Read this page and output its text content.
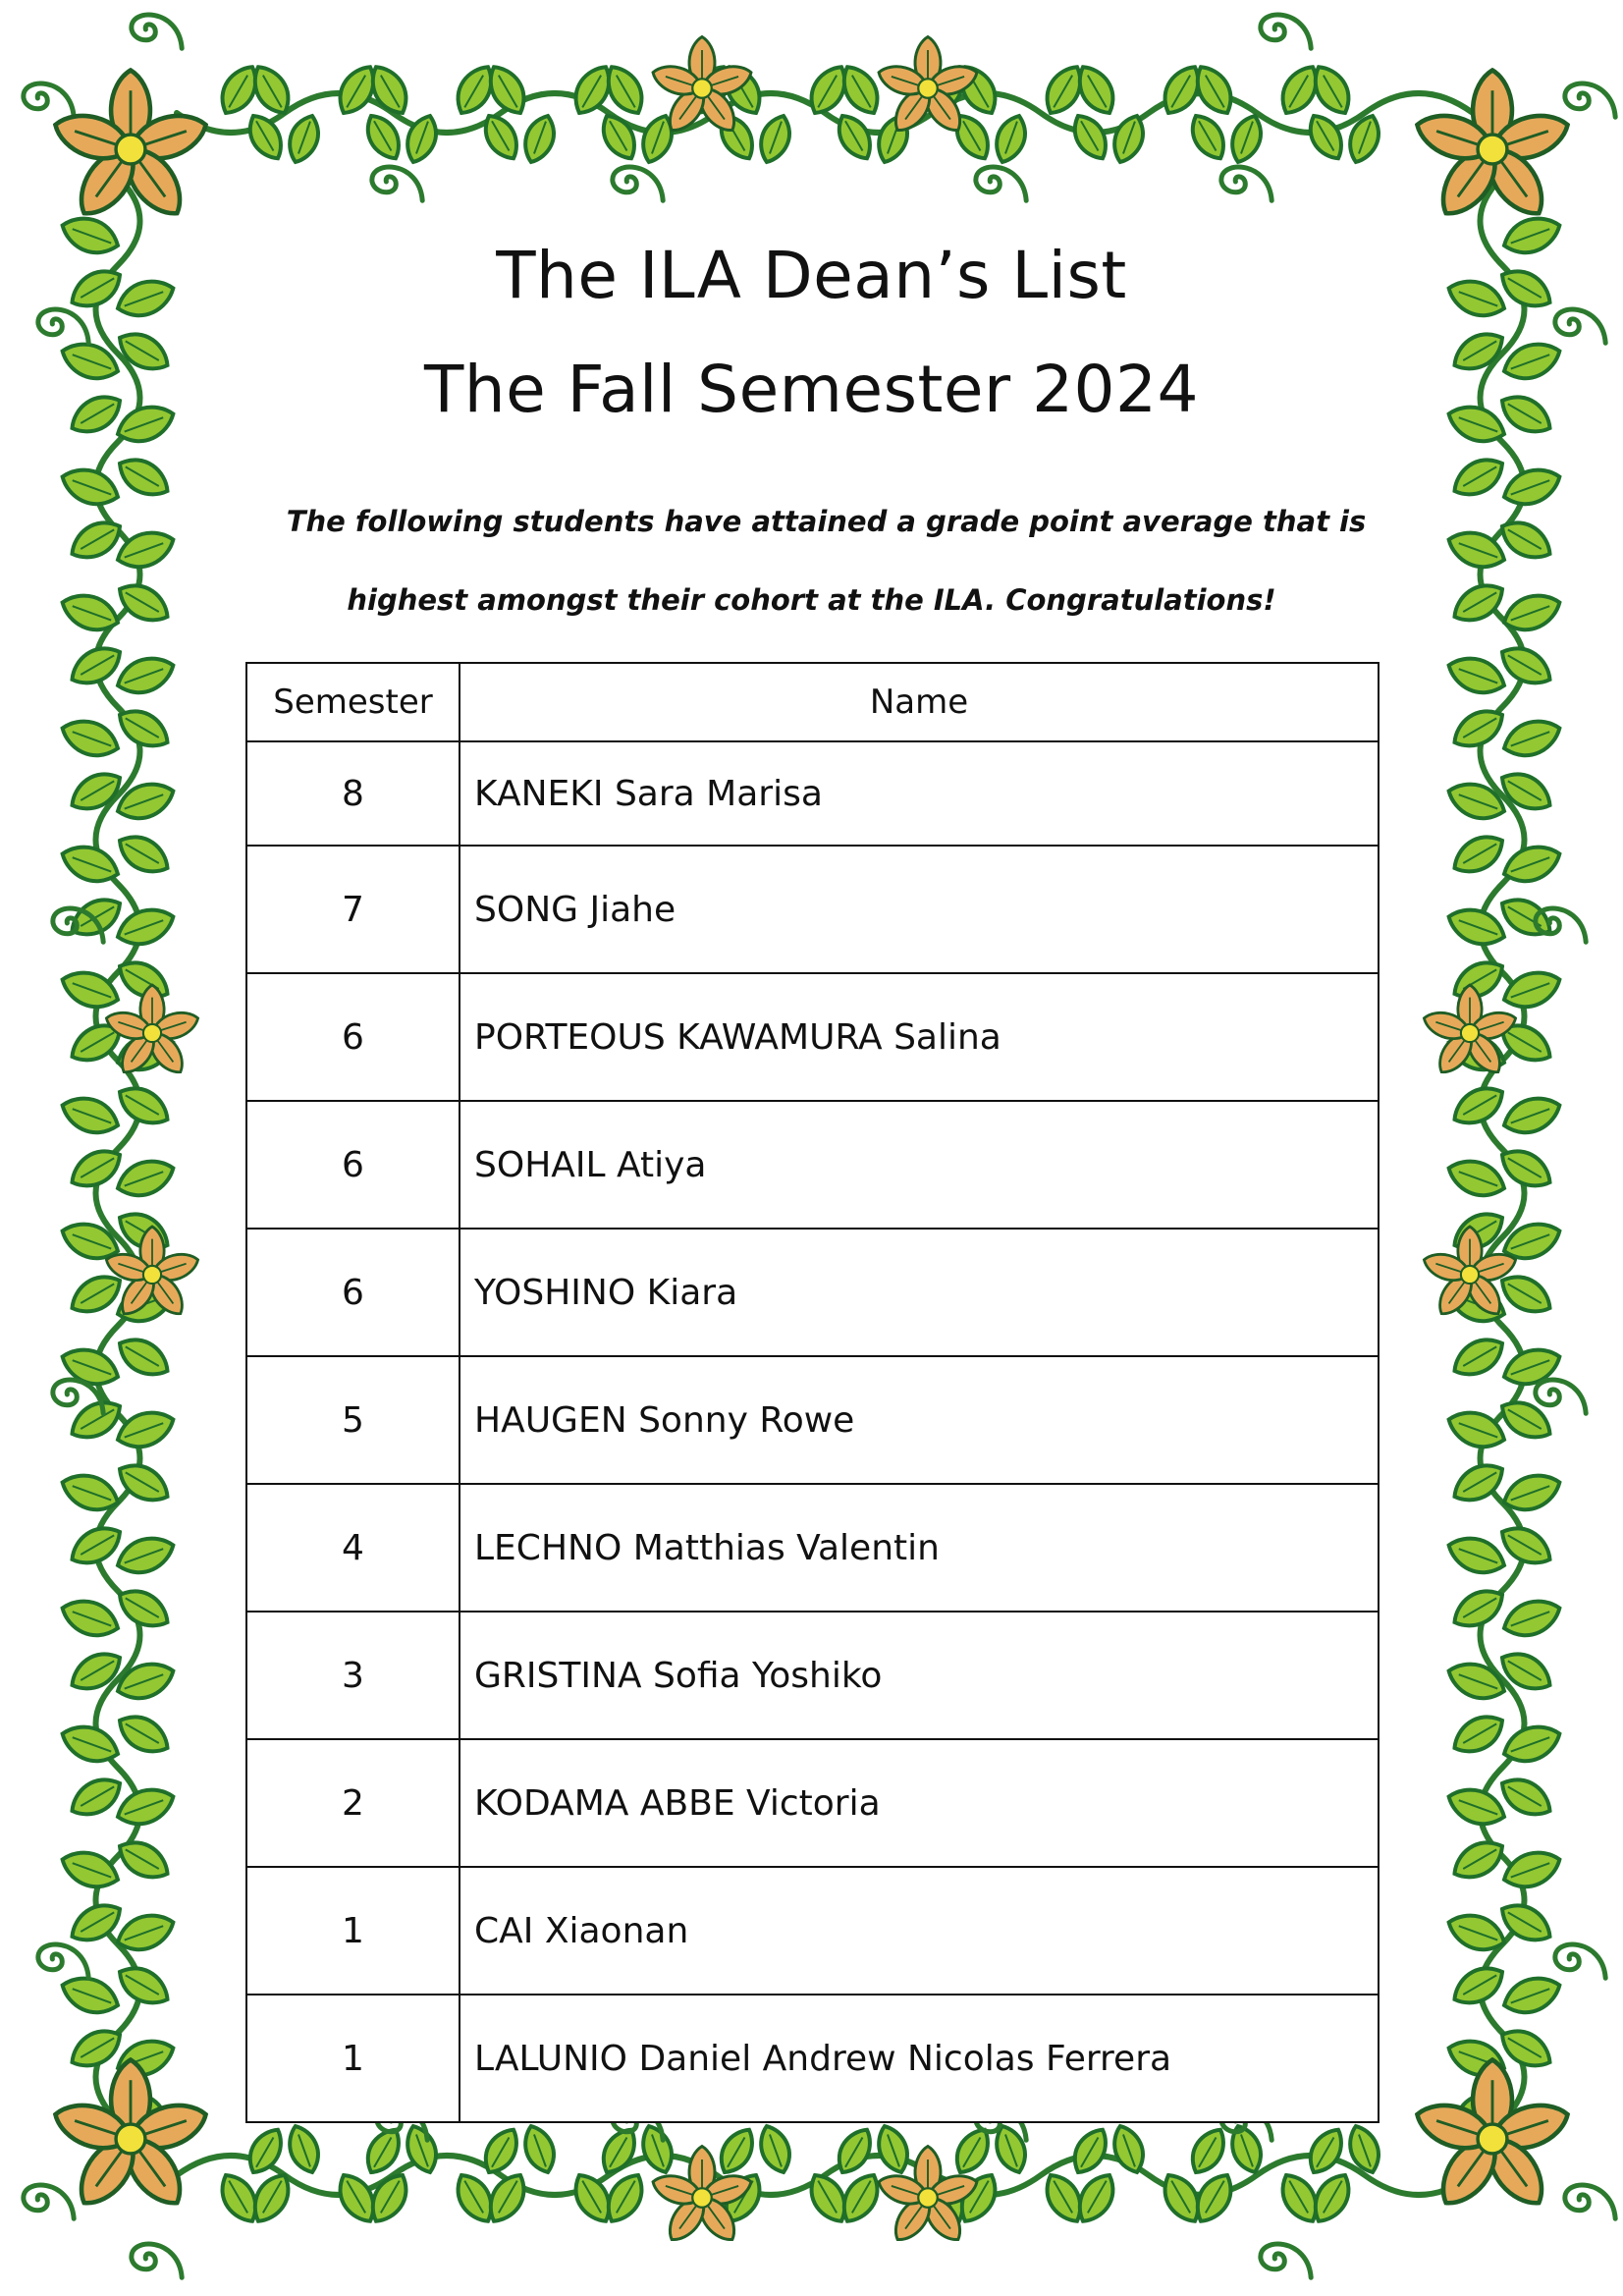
The ILA Dean’s List
The Fall Semester 2024
The following students have attained a grade point average that is
highest amongst their cohort at the ILA. Congratulations!
Semester	Name
8	KANEKI Sara Marisa
7	SONG Jiahe
6	PORTEOUS KAWAMURA Salina
6	SOHAIL Atiya
6	YOSHINO Kiara
5	HAUGEN Sonny Rowe
4	LECHNO Matthias Valentin
3	GRISTINA Sofia Yoshiko
2	KODAMA ABBE Victoria
1	CAI Xiaonan
1	LALUNIO Daniel Andrew Nicolas Ferrera
